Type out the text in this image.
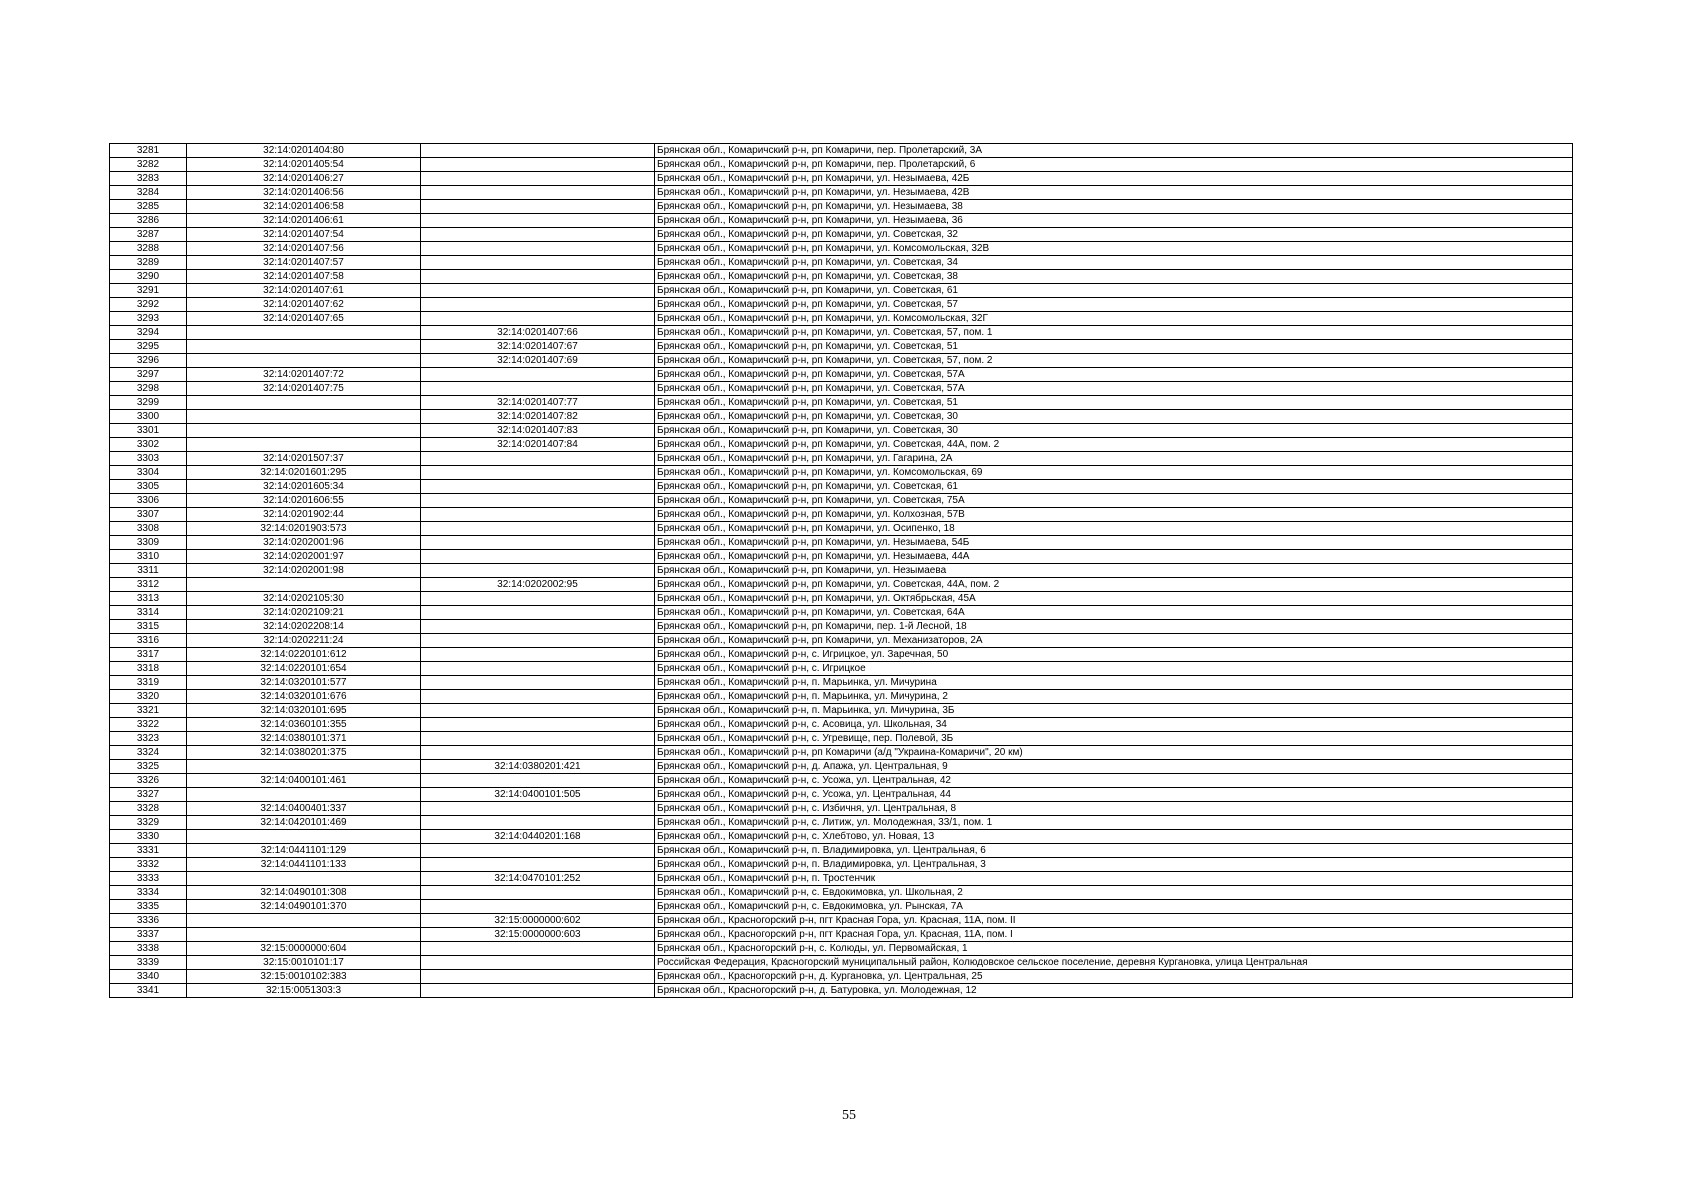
3281	32:14:0201404:80		Брянская обл., Комаричский р-н, рп Комаричи, пер. Пролетарский, 3А
3282	32:14:0201405:54		Брянская обл., Комаричский р-н, рп Комаричи, пер. Пролетарский, 6
3283	32:14:0201406:27		Брянская обл., Комаричский р-н, рп Комаричи, ул. Незымаева, 42Б
3284	32:14:0201406:56		Брянская обл., Комаричский р-н, рп Комаричи, ул. Незымаева, 42В
3285	32:14:0201406:58		Брянская обл., Комаричский р-н, рп Комаричи, ул. Незымаева, 38
3286	32:14:0201406:61		Брянская обл., Комаричский р-н, рп Комаричи, ул. Незымаева, 36
3287	32:14:0201407:54		Брянская обл., Комаричский р-н, рп Комаричи, ул. Советская, 32
3288	32:14:0201407:56		Брянская обл., Комаричский р-н, рп Комаричи, ул. Комсомольская, 32В
3289	32:14:0201407:57		Брянская обл., Комаричский р-н, рп Комаричи, ул. Советская, 34
3290	32:14:0201407:58		Брянская обл., Комаричский р-н, рп Комаричи, ул. Советская, 38
3291	32:14:0201407:61		Брянская обл., Комаричский р-н, рп Комаричи, ул. Советская, 61
3292	32:14:0201407:62		Брянская обл., Комаричский р-н, рп Комаричи, ул. Советская, 57
3293	32:14:0201407:65		Брянская обл., Комаричский р-н, рп Комаричи, ул. Комсомольская, 32Г
3294		32:14:0201407:66	Брянская обл., Комаричский р-н, рп Комаричи, ул. Советская, 57, пом. 1
3295		32:14:0201407:67	Брянская обл., Комаричский р-н, рп Комаричи, ул. Советская, 51
3296		32:14:0201407:69	Брянская обл., Комаричский р-н, рп Комаричи, ул. Советская, 57, пом. 2
3297	32:14:0201407:72		Брянская обл., Комаричский р-н, рп Комаричи, ул. Советская, 57А
3298	32:14:0201407:75		Брянская обл., Комаричский р-н, рп Комаричи, ул. Советская, 57А
3299		32:14:0201407:77	Брянская обл., Комаричский р-н, рп Комаричи, ул. Советская, 51
3300		32:14:0201407:82	Брянская обл., Комаричский р-н, рп Комаричи, ул. Советская, 30
3301		32:14:0201407:83	Брянская обл., Комаричский р-н, рп Комаричи, ул. Советская, 30
3302		32:14:0201407:84	Брянская обл., Комаричский р-н, рп Комаричи, ул. Советская, 44А, пом. 2
3303	32:14:0201507:37		Брянская обл., Комаричский р-н, рп Комаричи, ул. Гагарина, 2А
3304	32:14:0201601:295		Брянская обл., Комаричский р-н, рп Комаричи, ул. Комсомольская, 69
3305	32:14:0201605:34		Брянская обл., Комаричский р-н, рп Комаричи, ул. Советская, 61
3306	32:14:0201606:55		Брянская обл., Комаричский р-н, рп Комаричи, ул. Советская, 75А
3307	32:14:0201902:44		Брянская обл., Комаричский р-н, рп Комаричи, ул. Колхозная, 57В
3308	32:14:0201903:573		Брянская обл., Комаричский р-н, рп Комаричи, ул. Осипенко, 18
3309	32:14:0202001:96		Брянская обл., Комаричский р-н, рп Комаричи, ул. Незымаева, 54Б
3310	32:14:0202001:97		Брянская обл., Комаричский р-н, рп Комаричи, ул. Незымаева, 44А
3311	32:14:0202001:98		Брянская обл., Комаричский р-н, рп Комаричи, ул. Незымаева
3312		32:14:0202002:95	Брянская обл., Комаричский р-н, рп Комаричи, ул. Советская, 44А, пом. 2
3313	32:14:0202105:30		Брянская обл., Комаричский р-н, рп Комаричи, ул. Октябрьская, 45А
3314	32:14:0202109:21		Брянская обл., Комаричский р-н, рп Комаричи, ул. Советская, 64А
3315	32:14:0202208:14		Брянская обл., Комаричский р-н, рп Комаричи, пер. 1-й Лесной, 18
3316	32:14:0202211:24		Брянская обл., Комаричский р-н, рп Комаричи, ул. Механизаторов, 2А
3317	32:14:0220101:612		Брянская обл., Комаричский р-н, с. Игрицкое, ул. Заречная, 50
3318	32:14:0220101:654		Брянская обл., Комаричский р-н, с. Игрицкое
3319	32:14:0320101:577		Брянская обл., Комаричский р-н, п. Марьинка, ул. Мичурина
3320	32:14:0320101:676		Брянская обл., Комаричский р-н, п. Марьинка, ул. Мичурина, 2
3321	32:14:0320101:695		Брянская обл., Комаричский р-н, п. Марьинка, ул. Мичурина, 3Б
3322	32:14:0360101:355		Брянская обл., Комаричский р-н, с. Асовица, ул. Школьная, 34
3323	32:14:0380101:371		Брянская обл., Комаричский р-н, с. Угревище, пер. Полевой, 3Б
3324	32:14:0380201:375		Брянская обл., Комаричский р-н, рп Комаричи (а/д "Украина-Комаричи", 20 км)
3325		32:14:0380201:421	Брянская обл., Комаричский р-н, д. Апажа, ул. Центральная, 9
3326	32:14:0400101:461		Брянская обл., Комаричский р-н, с. Усожа, ул. Центральная, 42
3327		32:14:0400101:505	Брянская обл., Комаричский р-н, с. Усожа, ул. Центральная, 44
3328	32:14:0400401:337		Брянская обл., Комаричский р-н, с. Избичня, ул. Центральная, 8
3329	32:14:0420101:469		Брянская обл., Комаричский р-н, с. Литиж, ул. Молодежная, 33/1, пом. 1
3330		32:14:0440201:168	Брянская обл., Комаричский р-н, с. Хлебтово, ул. Новая, 13
3331	32:14:0441101:129		Брянская обл., Комаричский р-н, п. Владимировка, ул. Центральная, 6
3332	32:14:0441101:133		Брянская обл., Комаричский р-н, п. Владимировка, ул. Центральная, 3
3333		32:14:0470101:252	Брянская обл., Комаричский р-н, п. Тростенчик
3334	32:14:0490101:308		Брянская обл., Комаричский р-н, с. Евдокимовка, ул. Школьная, 2
3335	32:14:0490101:370		Брянская обл., Комаричский р-н, с. Евдокимовка, ул. Рынская, 7А
3336		32:15:0000000:602	Брянская обл., Красногорский р-н, пгт Красная Гора, ул. Красная, 11А, пом. II
3337		32:15:0000000:603	Брянская обл., Красногорский р-н, пгт Красная Гора, ул. Красная, 11А, пом. I
3338	32:15:0000000:604		Брянская обл., Красногорский р-н, с. Колюды, ул. Первомайская, 1
3339	32:15:0010101:17		Российская Федерация, Красногорский муниципальный район, Колюдовское сельское поселение, деревня Кургановка, улица Центральная
3340	32:15:0010102:383		Брянская обл., Красногорский р-н, д. Кургановка, ул. Центральная, 25
3341	32:15:0051303:3		Брянская обл., Красногорский р-н, д. Батуровка, ул. Молодежная, 12
55
